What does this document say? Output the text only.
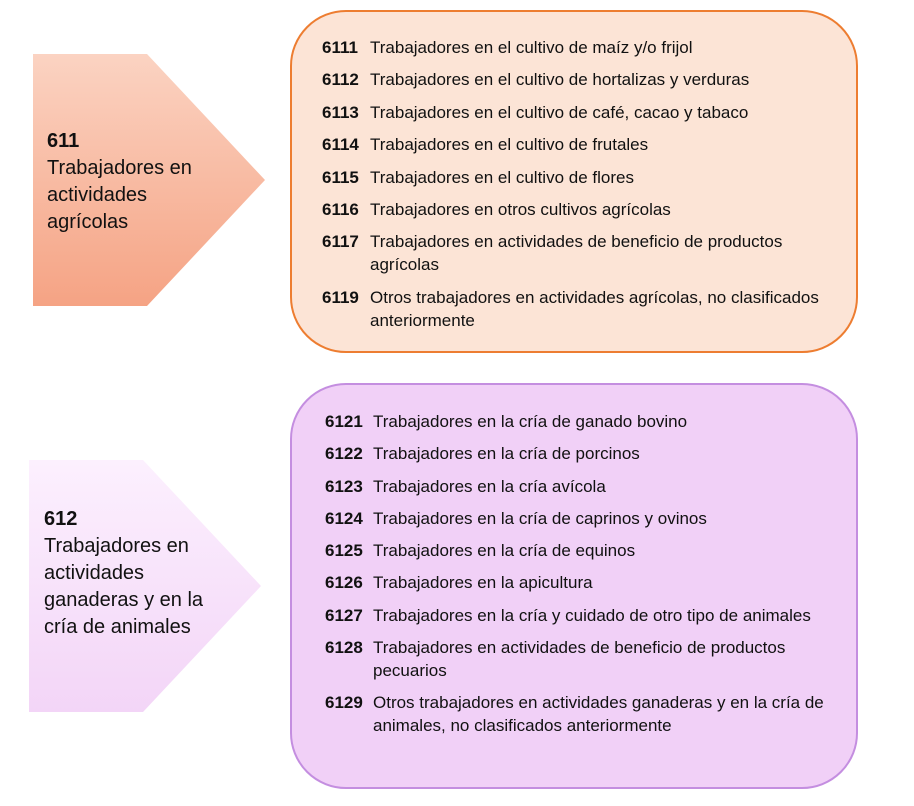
611
Trabajadores en actividades agrícolas
6111 Trabajadores en el cultivo de maíz y/o frijol
6112 Trabajadores en el cultivo de hortalizas y verduras
6113 Trabajadores en el cultivo de café, cacao y tabaco
6114 Trabajadores en el cultivo de frutales
6115 Trabajadores en el cultivo de flores
6116 Trabajadores en otros cultivos agrícolas
6117 Trabajadores en actividades de beneficio de productos agrícolas
6119 Otros trabajadores en actividades agrícolas, no clasificados anteriormente
612
Trabajadores en actividades ganaderas y en la cría de animales
6121 Trabajadores en la cría de ganado bovino
6122 Trabajadores en la cría de porcinos
6123 Trabajadores en la cría avícola
6124 Trabajadores en la cría de caprinos y ovinos
6125 Trabajadores en la cría de equinos
6126 Trabajadores en la apicultura
6127 Trabajadores en la cría y cuidado de otro tipo de animales
6128 Trabajadores en actividades de beneficio de productos pecuarios
6129 Otros trabajadores en actividades ganaderas y en la cría de animales, no clasificados anteriormente
